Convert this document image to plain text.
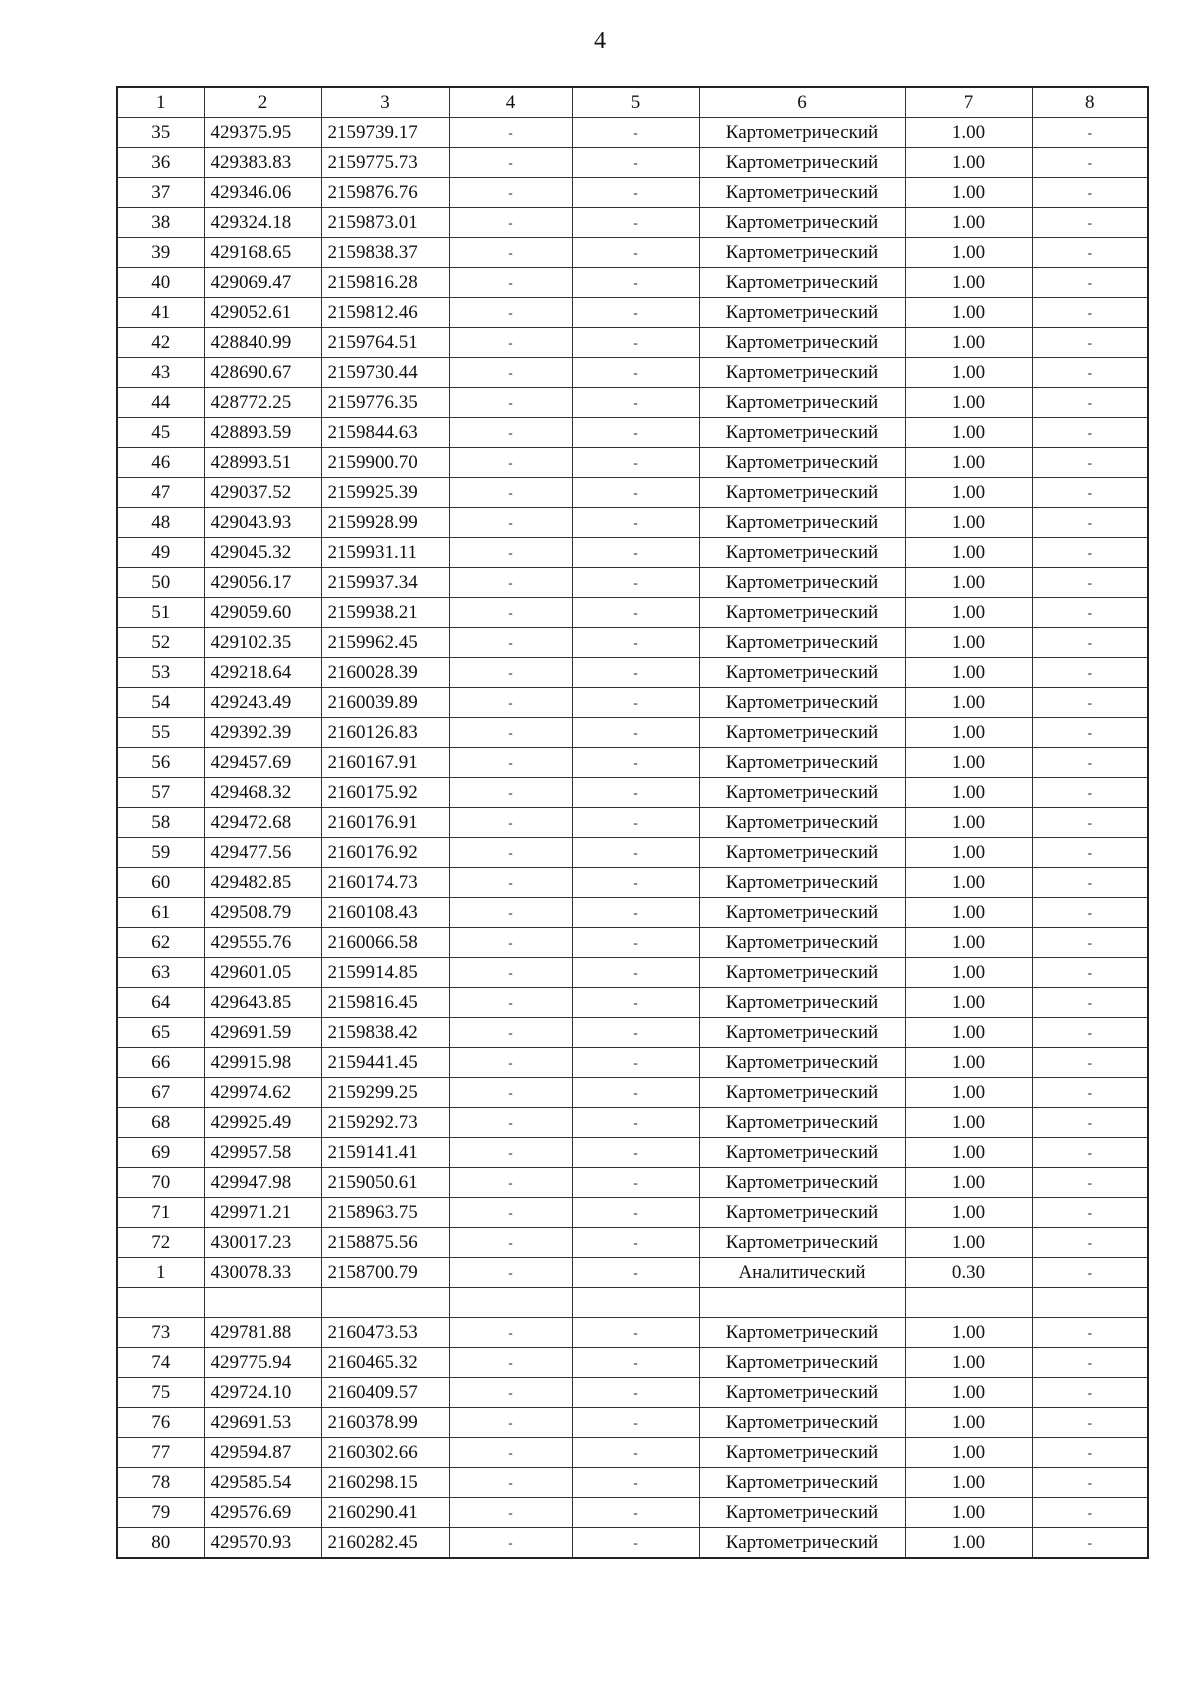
4
1	2	3	4	5	6	7	8
35	429375.95	2159739.17	-	-	Картометрический	1.00	-
36	429383.83	2159775.73	-	-	Картометрический	1.00	-
37	429346.06	2159876.76	-	-	Картометрический	1.00	-
38	429324.18	2159873.01	-	-	Картометрический	1.00	-
39	429168.65	2159838.37	-	-	Картометрический	1.00	-
40	429069.47	2159816.28	-	-	Картометрический	1.00	-
41	429052.61	2159812.46	-	-	Картометрический	1.00	-
42	428840.99	2159764.51	-	-	Картометрический	1.00	-
43	428690.67	2159730.44	-	-	Картометрический	1.00	-
44	428772.25	2159776.35	-	-	Картометрический	1.00	-
45	428893.59	2159844.63	-	-	Картометрический	1.00	-
46	428993.51	2159900.70	-	-	Картометрический	1.00	-
47	429037.52	2159925.39	-	-	Картометрический	1.00	-
48	429043.93	2159928.99	-	-	Картометрический	1.00	-
49	429045.32	2159931.11	-	-	Картометрический	1.00	-
50	429056.17	2159937.34	-	-	Картометрический	1.00	-
51	429059.60	2159938.21	-	-	Картометрический	1.00	-
52	429102.35	2159962.45	-	-	Картометрический	1.00	-
53	429218.64	2160028.39	-	-	Картометрический	1.00	-
54	429243.49	2160039.89	-	-	Картометрический	1.00	-
55	429392.39	2160126.83	-	-	Картометрический	1.00	-
56	429457.69	2160167.91	-	-	Картометрический	1.00	-
57	429468.32	2160175.92	-	-	Картометрический	1.00	-
58	429472.68	2160176.91	-	-	Картометрический	1.00	-
59	429477.56	2160176.92	-	-	Картометрический	1.00	-
60	429482.85	2160174.73	-	-	Картометрический	1.00	-
61	429508.79	2160108.43	-	-	Картометрический	1.00	-
62	429555.76	2160066.58	-	-	Картометрический	1.00	-
63	429601.05	2159914.85	-	-	Картометрический	1.00	-
64	429643.85	2159816.45	-	-	Картометрический	1.00	-
65	429691.59	2159838.42	-	-	Картометрический	1.00	-
66	429915.98	2159441.45	-	-	Картометрический	1.00	-
67	429974.62	2159299.25	-	-	Картометрический	1.00	-
68	429925.49	2159292.73	-	-	Картометрический	1.00	-
69	429957.58	2159141.41	-	-	Картометрический	1.00	-
70	429947.98	2159050.61	-	-	Картометрический	1.00	-
71	429971.21	2158963.75	-	-	Картометрический	1.00	-
72	430017.23	2158875.56	-	-	Картометрический	1.00	-
1	430078.33	2158700.79	-	-	Аналитический	0.30	-

73	429781.88	2160473.53	-	-	Картометрический	1.00	-
74	429775.94	2160465.32	-	-	Картометрический	1.00	-
75	429724.10	2160409.57	-	-	Картометрический	1.00	-
76	429691.53	2160378.99	-	-	Картометрический	1.00	-
77	429594.87	2160302.66	-	-	Картометрический	1.00	-
78	429585.54	2160298.15	-	-	Картометрический	1.00	-
79	429576.69	2160290.41	-	-	Картометрический	1.00	-
80	429570.93	2160282.45	-	-	Картометрический	1.00	-
